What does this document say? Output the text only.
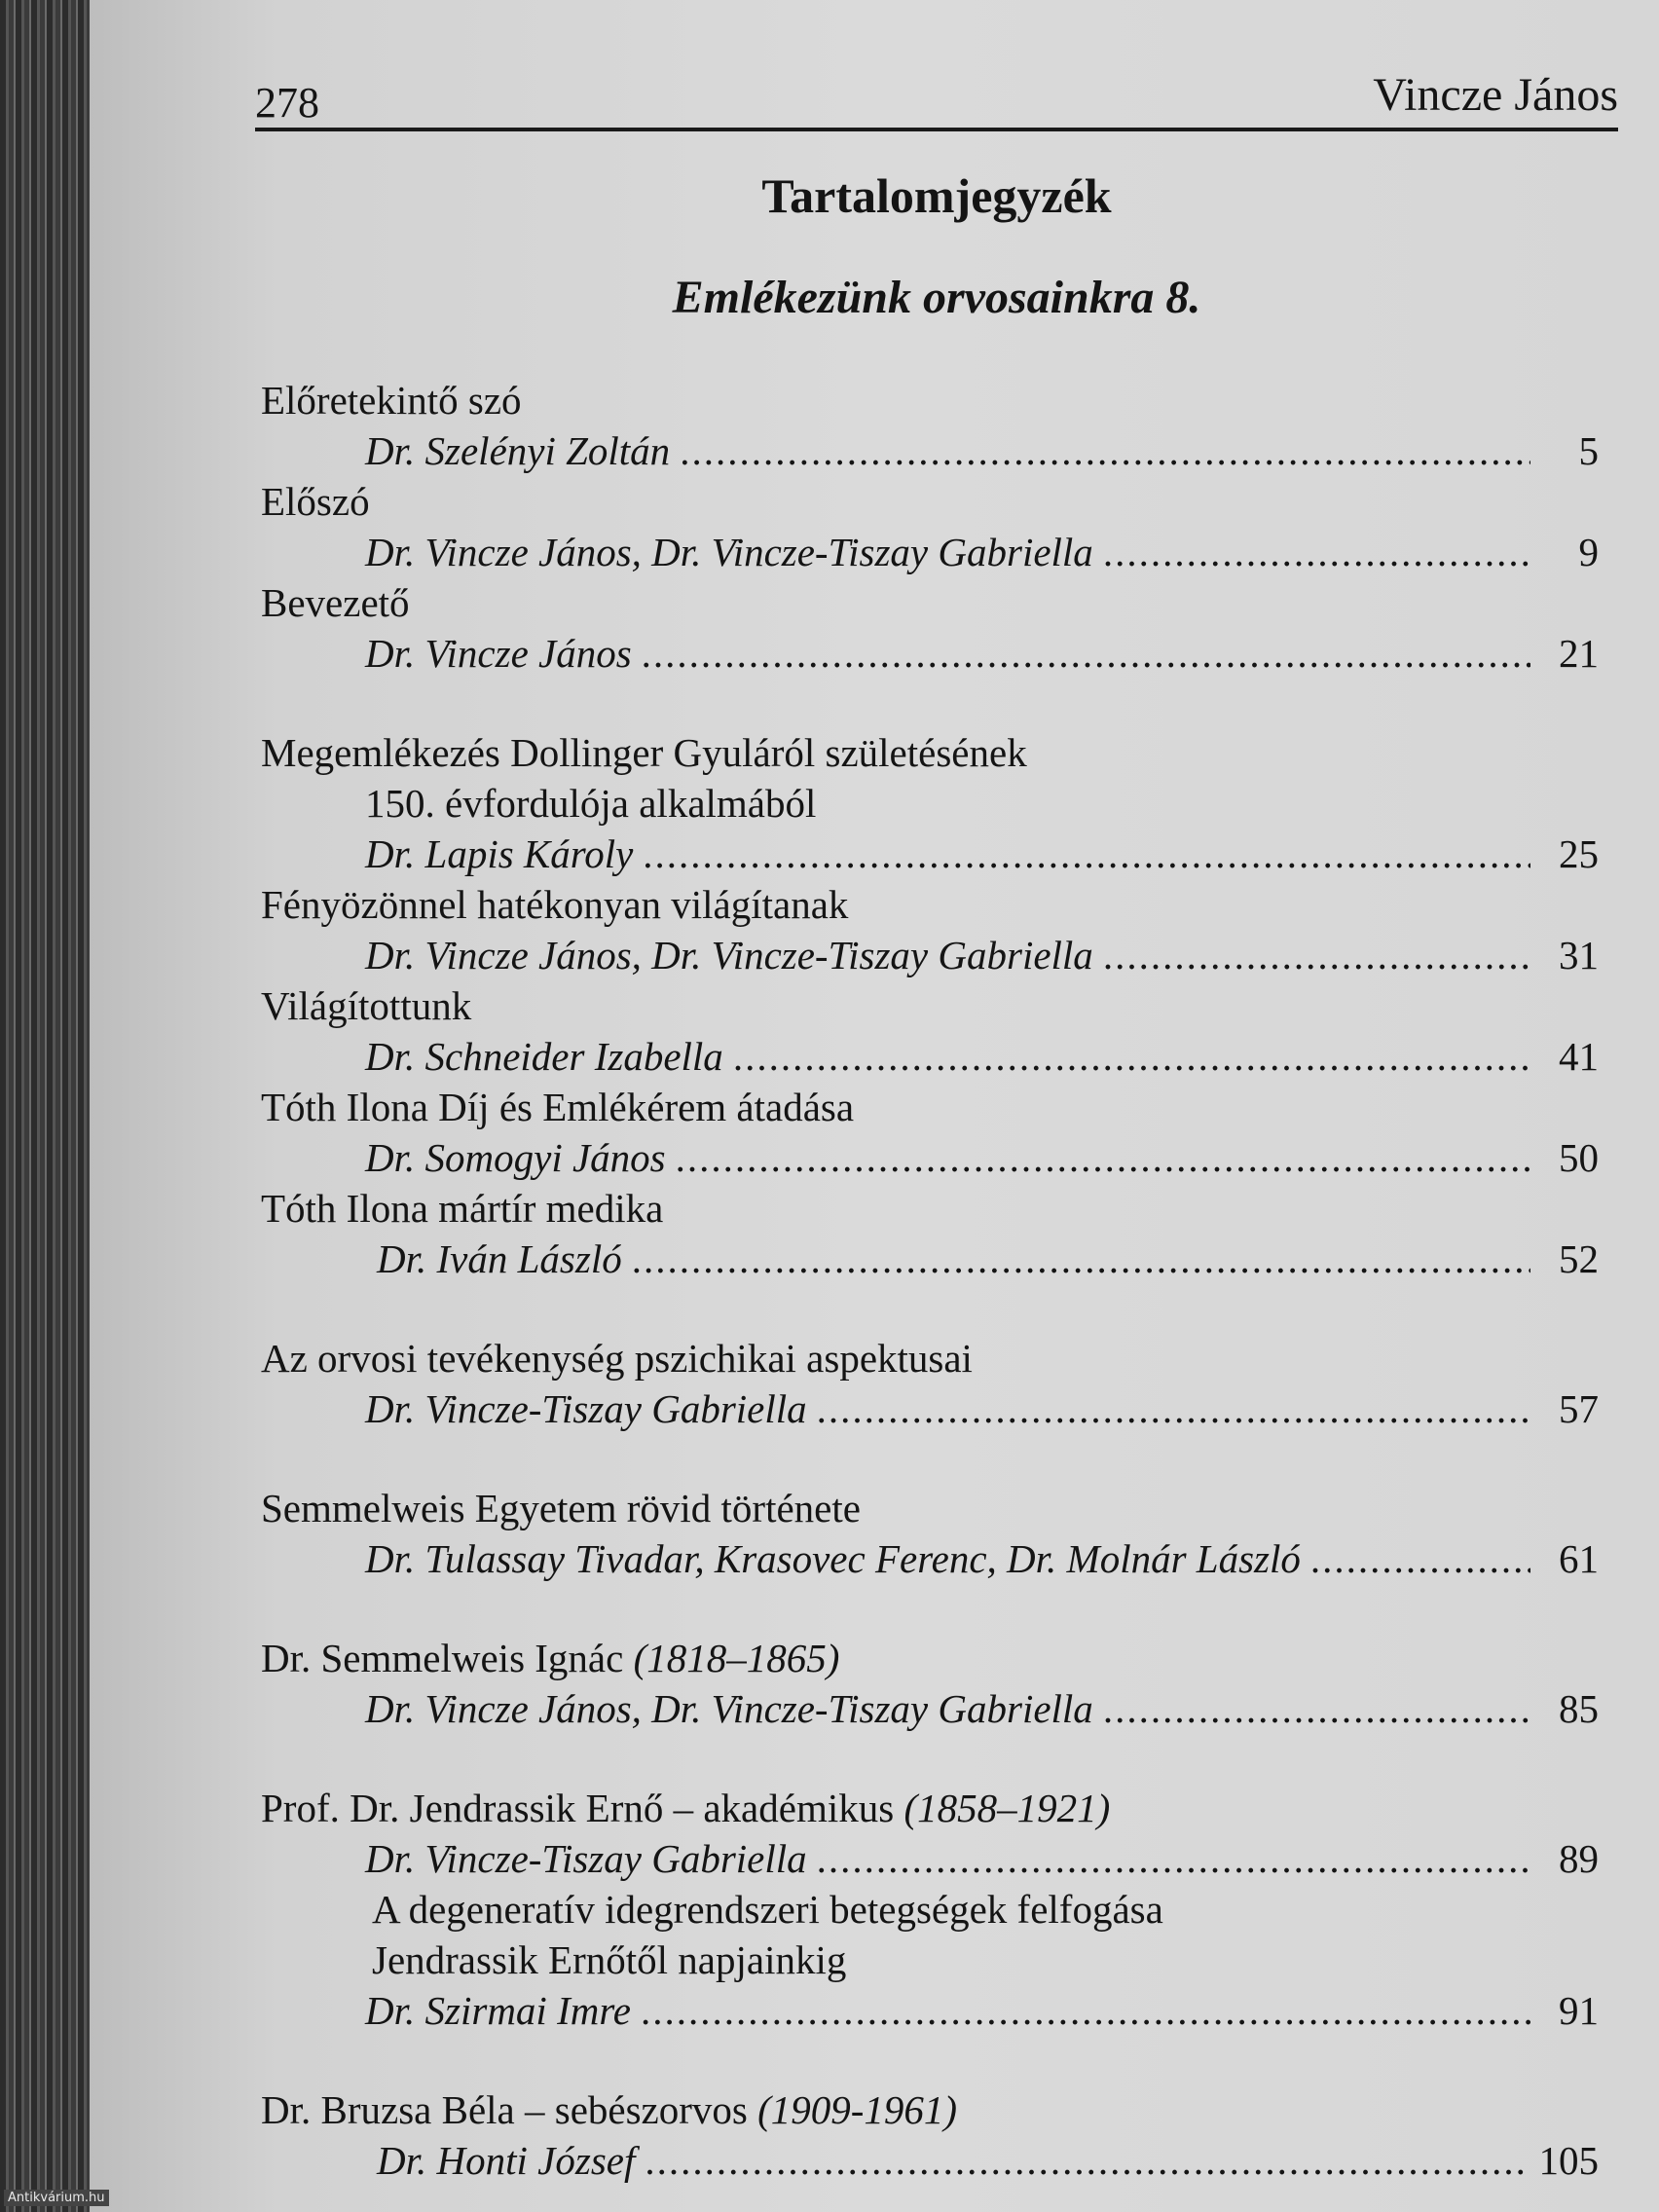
278	Vincze János
Tartalomjegyzék
Emlékezünk orvosainkra 8.
Előretekintő szó
Dr. Szelényi Zoltán .....	5
Előszó
Dr. Vincze János, Dr. Vincze-Tiszay Gabriella .....	9
Bevezető
Dr. Vincze János .....	21
Megemlékezés Dollinger Gyuláról születésének
150. évfordulója alkalmából
Dr. Lapis Károly .....	25
Fényözönnel hatékonyan világítanak
Dr. Vincze János, Dr. Vincze-Tiszay Gabriella .....	31
Világítottunk
Dr. Schneider Izabella .....	41
Tóth Ilona Díj és Emlékérem átadása
Dr. Somogyi János .....	50
Tóth Ilona mártír medika
Dr. Iván László .....	52
Az orvosi tevékenység pszichikai aspektusai
Dr. Vincze-Tiszay Gabriella .....	57
Semmelweis Egyetem rövid története
Dr. Tulassay Tivadar, Krasovec Ferenc, Dr. Molnár László .....	61
Dr. Semmelweis Ignác (1818–1865)
Dr. Vincze János, Dr. Vincze-Tiszay Gabriella .....	85
Prof. Dr. Jendrassik Ernő – akadémikus (1858–1921)
Dr. Vincze-Tiszay Gabriella .....	89
A degeneratív idegrendszeri betegségek felfogása
Jendrassik Ernőtől napjainkig
Dr. Szirmai Imre .....	91
Dr. Bruzsa Béla – sebészorvos (1909-1961)
Dr. Honti József .....	105
Antikvárium.hu
